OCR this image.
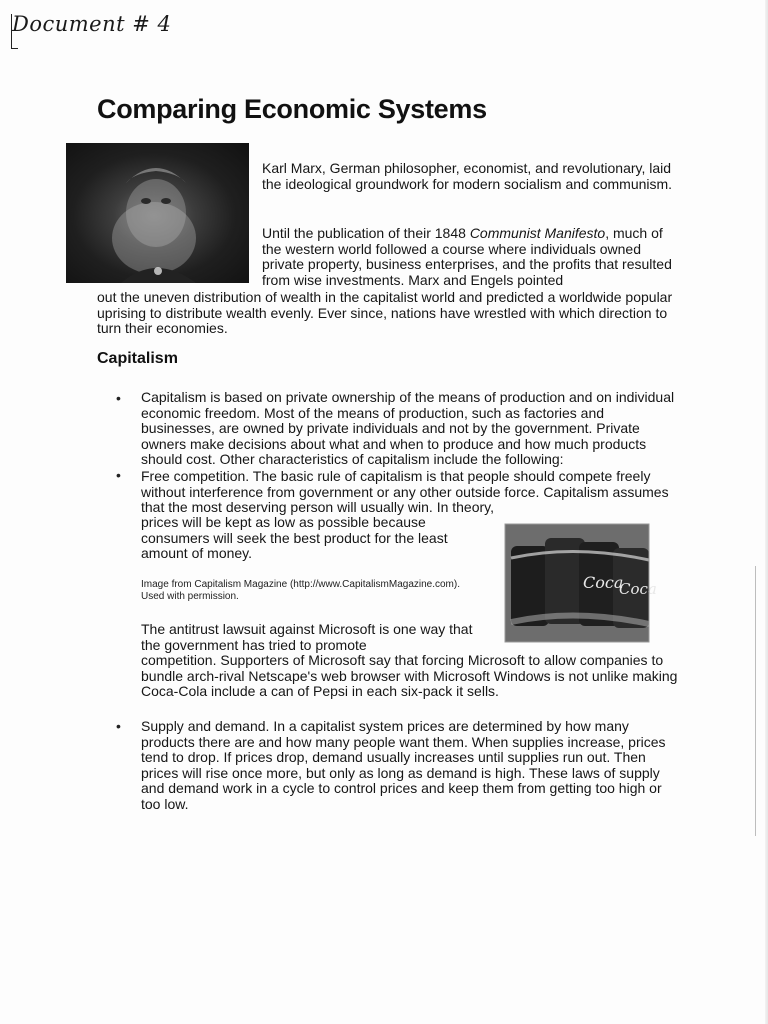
Document # 4
Comparing Economic Systems

Karl Marx, German philosopher, economist, and revolutionary, laid the ideological groundwork for modern socialism and communism.

Until the publication of their 1848 Communist Manifesto, much of the western world followed a course where individuals owned private property, business enterprises, and the profits that resulted from wise investments. Marx and Engels pointed

out the uneven distribution of wealth in the capitalist world and predicted a worldwide popular uprising to distribute wealth evenly. Ever since, nations have wrestled with which direction to turn their economies.

Capitalism
• Capitalism is based on private ownership of the means of production and on individual economic freedom. Most of the means of production, such as factories and businesses, are owned by private individuals and not by the government. Private owners make decisions about what and when to produce and how much products should cost. Other characteristics of capitalism include the following:

• Free competition. The basic rule of capitalism is that people should compete freely without interference from government or any other outside force. Capitalism assumes that the most deserving person will usually win. In theory,

prices will be kept as low as possible because consumers will seek the best product for the least amount of money.

Image from Capitalism Magazine (http://www.CapitalismMagazine.com). Used with permission.

The antitrust lawsuit against Microsoft is one way that the government has tried to promote

competition. Supporters of Microsoft say that forcing Microsoft to allow companies to bundle arch-rival Netscape's web browser with Microsoft Windows is not unlike making Coca-Cola include a can of Pepsi in each six-pack it sells.

Coca
Coca
• Supply and demand. In a capitalist system prices are determined by how many products there are and how many people want them. When supplies increase, prices tend to drop. If prices drop, demand usually increases until supplies run out. Then prices will rise once more, but only as long as demand is high. These laws of supply and demand work in a cycle to control prices and keep them from getting too high or too low.
